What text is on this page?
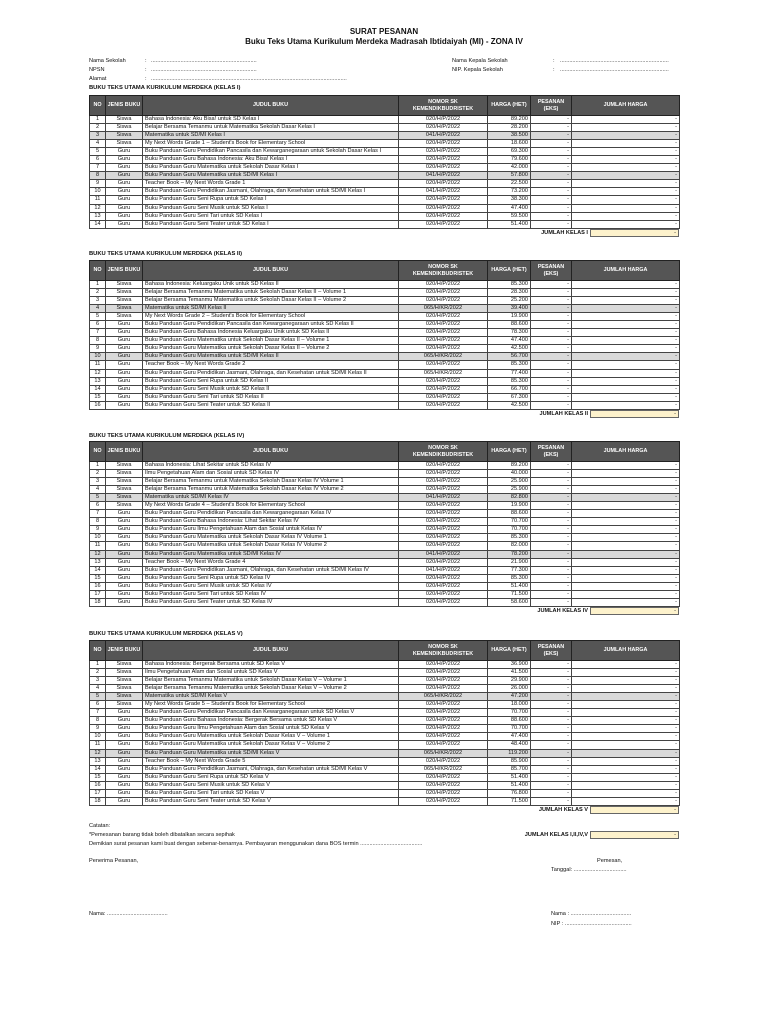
SURAT PESANAN
Buku Teks Utama Kurikulum Merdeka Madrasah Ibtidaiyah (MI) - ZONA IV
Nama Sekolah	: ....................................................................
NPSN	: ....................................................................
Alamat	: ..............................................................................................................................
Nama Kepala Sekolah	: ......................................................................
NIP. Kepala Sekolah	: ......................................................................
BUKU TEKS UTAMA KURIKULUM MERDEKA (KELAS I)
NO	JENIS BUKU	JUDUL BUKU	NOMOR SK KEMENDIKBUDRISTEK	HARGA (HET)	PESANAN (EKS)	JUMLAH HARGA
1	Siswa	Bahasa Indonesia: Aku Bisa! untuk SD Kelas I	020/H/P/2022	89.200	-	-
2	Siswa	Belajar Bersama Temanmu untuk Matematika Sekolah Dasar Kelas I	020/H/P/2022	28.200	-	-
3	Siswa	Matematika untuk SD/MI Kelas I	041/H/P/2022	38.500	-	-
4	Siswa	My Next Words Grade 1 – Student's Book for Elementary School	020/H/P/2022	18.600	-	-
5	Guru	Buku Panduan Guru Pendidikan Pancasila dan Kewarganegaraan untuk Sekolah Dasar Kelas I	020/H/P/2022	69.300	-	-
6	Guru	Buku Panduan Guru Bahasa Indonesia: Aku Bisa! Kelas I	020/H/P/2022	79.600	-	-
7	Guru	Buku Panduan Guru Matematika untuk Sekolah Dasar Kelas I	020/H/P/2022	42.000	-	-
8	Guru	Buku Panduan Guru Matematika untuk SD/MI Kelas I	041/H/P/2022	57.800	-	-
9	Guru	Teacher Book – My Next Words Grade 1	020/H/P/2022	22.500	-	-
10	Guru	Buku Panduan Guru Pendidikan Jasmani, Olahraga, dan Kesehatan untuk SD/MI Kelas I	041/H/P/2022	73.200	-	-
11	Guru	Buku Panduan Guru Seni Rupa untuk SD Kelas I	020/H/P/2022	38.300	-	-
12	Guru	Buku Panduan Guru Seni Musik untuk SD Kelas I	020/H/P/2022	47.400	-	-
13	Guru	Buku Panduan Guru Seni Tari untuk SD Kelas I	020/H/P/2022	59.500	-	-
14	Guru	Buku Panduan Guru Seni Teater untuk SD Kelas I	020/H/P/2022	51.400	-	-
JUMLAH KELAS I	-
BUKU TEKS UTAMA KURIKULUM MERDEKA (KELAS II)
NO	JENIS BUKU	JUDUL BUKU	NOMOR SK KEMENDIKBUDRISTEK	HARGA (HET)	PESANAN (EKS)	JUMLAH HARGA
1	Siswa	Bahasa Indonesia: Keluargaku Unik untuk SD Kelas II	020/H/P/2022	85.300	-	-
2	Siswa	Belajar Bersama Temanmu Matematika untuk Sekolah Dasar Kelas II – Volume 1	020/H/P/2022	28.300	-	-
3	Siswa	Belajar Bersama Temanmu Matematika untuk Sekolah Dasar Kelas II – Volume 2	020/H/P/2022	25.200	-	-
4	Siswa	Matematika untuk SD/MI Kelas II	065/H/KR/2022	39.400	-	-
5	Siswa	My Next Words Grade 2 – Student's Book for Elementary School	020/H/P/2022	19.900	-	-
6	Guru	Buku Panduan Guru Pendidikan Pancasila dan Kewarganegaraan untuk SD Kelas II	020/H/P/2022	88.600	-	-
7	Guru	Buku Panduan Guru Bahasa Indonesia Keluargaku Unik untuk SD Kelas II	020/H/P/2022	78.300	-	-
8	Guru	Buku Panduan Guru Matematika untuk Sekolah Dasar Kelas II – Volume 1	020/H/P/2022	47.400	-	-
9	Guru	Buku Panduan Guru Matematika untuk Sekolah Dasar Kelas II – Volume 2	020/H/P/2022	42.500	-	-
10	Guru	Buku Panduan Guru Matematika untuk SD/MI Kelas II	065/H/KR/2022	56.700	-	-
11	Guru	Teacher Book – My Next Words Grade 2	020/H/P/2022	85.300	-	-
12	Guru	Buku Panduan Guru Pendidikan Jasmani, Olahraga, dan Kesehatan untuk SD/MI Kelas II	065/H/KR/2022	77.400	-	-
13	Guru	Buku Panduan Guru Seni Rupa untuk SD Kelas II	020/H/P/2022	85.300	-	-
14	Guru	Buku Panduan Guru Seni Musik untuk SD Kelas II	020/H/P/2022	66.700	-	-
15	Guru	Buku Panduan Guru Seni Tari untuk SD Kelas II	020/H/P/2022	67.300	-	-
16	Guru	Buku Panduan Guru Seni Teater untuk SD Kelas II	020/H/P/2022	42.500	-	-
JUMLAH KELAS II	-
BUKU TEKS UTAMA KURIKULUM MERDEKA (KELAS IV)
NO	JENIS BUKU	JUDUL BUKU	NOMOR SK KEMENDIKBUDRISTEK	HARGA (HET)	PESANAN (EKS)	JUMLAH HARGA
1	Siswa	Bahasa Indonesia: Lihat Sekitar untuk SD Kelas IV	020/H/P/2022	89.200	-	-
2	Siswa	Ilmu Pengetahuan Alam dan Sosial untuk SD Kelas IV	020/H/P/2022	40.000	-	-
3	Siswa	Belajar Bersama Temanmu untuk Matematika Sekolah Dasar Kelas IV Volume 1	020/H/P/2022	25.900	-	-
4	Siswa	Belajar Bersama Temanmu untuk Matematika Sekolah Dasar Kelas IV Volume 2	020/H/P/2022	25.900	-	-
5	Siswa	Matematika untuk SD/MI Kelas IV	041/H/P/2022	82.800	-	-
6	Siswa	My Next Words Grade 4 – Student's Book for Elementary School	020/H/P/2022	19.900	-	-
7	Guru	Buku Panduan Guru Pendidikan Pancasila dan Kewarganegaraan Kelas IV	020/H/P/2022	88.600	-	-
8	Guru	Buku Panduan Guru Bahasa Indonesia: Lihat Sekitar Kelas IV	020/H/P/2022	70.700	-	-
9	Guru	Buku Panduan Guru Ilmu Pengetahuan Alam dan Sosial untuk Kelas IV	020/H/P/2022	70.700	-	-
10	Guru	Buku Panduan Guru Matematika untuk Sekolah Dasar Kelas IV Volume 1	020/H/P/2022	85.300	-	-
11	Guru	Buku Panduan Guru Matematika untuk Sekolah Dasar Kelas IV Volume 2	020/H/P/2022	82.000	-	-
12	Guru	Buku Panduan Guru Matematika untuk SD/MI Kelas IV	041/H/P/2022	78.200	-	-
13	Guru	Teacher Book – My Next Words Grade 4	020/H/P/2022	21.900	-	-
14	Guru	Buku Panduan Guru Pendidikan Jasmani, Olahraga, dan Kesehatan untuk SD/MI Kelas IV	041/H/P/2022	77.300	-	-
15	Guru	Buku Panduan Guru Seni Rupa untuk SD Kelas IV	020/H/P/2022	85.300	-	-
16	Guru	Buku Panduan Guru Seni Musik untuk SD Kelas IV	020/H/P/2022	51.400	-	-
17	Guru	Buku Panduan Guru Seni Tari untuk SD Kelas IV	020/H/P/2022	71.500	-	-
18	Guru	Buku Panduan Guru Seni Teater untuk SD Kelas IV	020/H/P/2022	58.600	-	-
JUMLAH KELAS IV	-
BUKU TEKS UTAMA KURIKULUM MERDEKA (KELAS V)
NO	JENIS BUKU	JUDUL BUKU	NOMOR SK KEMENDIKBUDRISTEK	HARGA (HET)	PESANAN (EKS)	JUMLAH HARGA
1	Siswa	Bahasa Indonesia: Bergerak Bersama untuk SD Kelas V	020/H/P/2022	36.900	-	-
2	Siswa	Ilmu Pengetahuan Alam dan Sosial untuk SD Kelas V	020/H/P/2022	41.500	-	-
3	Siswa	Belajar Bersama Temanmu Matematika untuk Sekolah Dasar Kelas V – Volume 1	020/H/P/2022	29.900	-	-
4	Siswa	Belajar Bersama Temanmu Matematika untuk Sekolah Dasar Kelas V – Volume 2	020/H/P/2022	26.000	-	-
5	Siswa	Matematika untuk SD/MI Kelas V	065/H/KR/2022	47.200	-	-
6	Siswa	My Next Words Grade 5 – Student's Book for Elementary School	020/H/P/2022	18.000	-	-
7	Guru	Buku Panduan Guru Pendidikan Pancasila dan Kewarganegaraan untuk SD Kelas V	020/H/P/2022	70.700	-	-
8	Guru	Buku Panduan Guru Bahasa Indonesia: Bergerak Bersama untuk SD Kelas V	020/H/P/2022	88.600	-	-
9	Guru	Buku Panduan Guru Ilmu Pengetahuan Alam dan Sosial untuk SD Kelas V	020/H/P/2022	70.700	-	-
10	Guru	Buku Panduan Guru Matematika untuk Sekolah Dasar Kelas V – Volume 1	020/H/P/2022	47.400	-	-
11	Guru	Buku Panduan Guru Matematika untuk Sekolah Dasar Kelas V – Volume 2	020/H/P/2022	48.400	-	-
12	Guru	Buku Panduan Guru Matematika untuk SD/MI Kelas V	065/H/KR/2022	119.200	-	-
13	Guru	Teacher Book – My Next Words Grade 5	020/H/P/2022	85.900	-	-
14	Guru	Buku Panduan Guru Pendidikan Jasmani, Olahraga, dan Kesehatan untuk SD/MI Kelas V	065/H/KR/2022	85.700	-	-
15	Guru	Buku Panduan Guru Seni Rupa untuk SD Kelas V	020/H/P/2022	51.400	-	-
16	Guru	Buku Panduan Guru Seni Musik untuk SD Kelas V	020/H/P/2022	51.400	-	-
17	Guru	Buku Panduan Guru Seni Tari untuk SD Kelas V	020/H/P/2022	76.800	-	-
18	Guru	Buku Panduan Guru Seni Teater untuk SD Kelas V	020/H/P/2022	71.500	-	-
JUMLAH KELAS V	-
Catatan:
*Pemesanan barang tidak boleh dibatalkan secara sepihak
Demikian surat pesanan kami buat dengan sebenar-benarnya. Pembayaran menggunakan dana BOS termin ........................................
JUMLAH KELAS I,II,IV,V	-
Penerima Pesanan,	Pemesan,
Tanggal: ..................................
Nama: .......................................	Nama : .......................................
NIP : ...........................................
